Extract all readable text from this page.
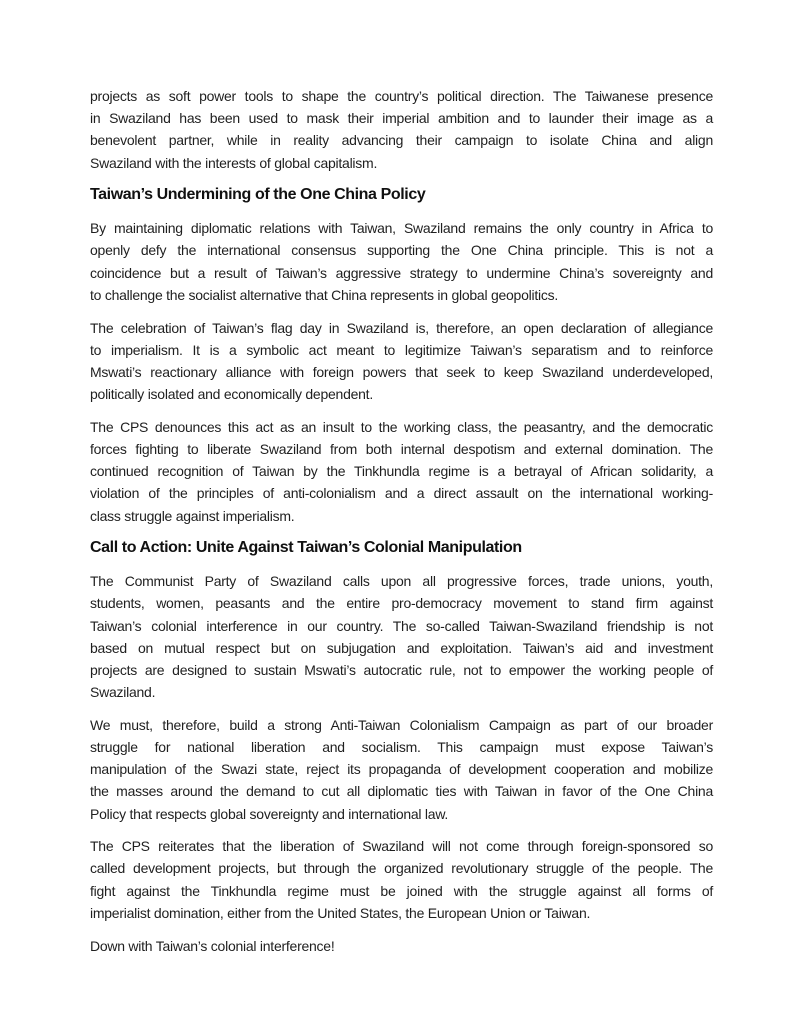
projects as soft power tools to shape the country’s political direction. The Taiwanese presence
in Swaziland has been used to mask their imperial ambition and to launder their image as a
benevolent partner, while in reality advancing their campaign to isolate China and align
Swaziland with the interests of global capitalism.
Taiwan’s Undermining of the One China Policy
By maintaining diplomatic relations with Taiwan, Swaziland remains the only country in Africa to
openly defy the international consensus supporting the One China principle. This is not a
coincidence but a result of Taiwan’s aggressive strategy to undermine China’s sovereignty and
to challenge the socialist alternative that China represents in global geopolitics.
The celebration of Taiwan’s flag day in Swaziland is, therefore, an open declaration of allegiance
to imperialism. It is a symbolic act meant to legitimize Taiwan’s separatism and to reinforce
Mswati’s reactionary alliance with foreign powers that seek to keep Swaziland underdeveloped,
politically isolated and economically dependent.
The CPS denounces this act as an insult to the working class, the peasantry, and the democratic
forces fighting to liberate Swaziland from both internal despotism and external domination. The
continued recognition of Taiwan by the Tinkhundla regime is a betrayal of African solidarity, a
violation of the principles of anti-colonialism and a direct assault on the international working-
class struggle against imperialism.
Call to Action: Unite Against Taiwan’s Colonial Manipulation
The Communist Party of Swaziland calls upon all progressive forces, trade unions, youth,
students, women, peasants and the entire pro-democracy movement to stand firm against
Taiwan’s colonial interference in our country. The so-called Taiwan-Swaziland friendship is not
based on mutual respect but on subjugation and exploitation. Taiwan’s aid and investment
projects are designed to sustain Mswati’s autocratic rule, not to empower the working people of
Swaziland.
We must, therefore, build a strong Anti-Taiwan Colonialism Campaign as part of our broader
struggle for national liberation and socialism. This campaign must expose Taiwan’s
manipulation of the Swazi state, reject its propaganda of development cooperation and mobilize
the masses around the demand to cut all diplomatic ties with Taiwan in favor of the One China
Policy that respects global sovereignty and international law.
The CPS reiterates that the liberation of Swaziland will not come through foreign-sponsored so
called development projects, but through the organized revolutionary struggle of the people. The
fight against the Tinkhundla regime must be joined with the struggle against all forms of
imperialist domination, either from the United States, the European Union or Taiwan.
Down with Taiwan’s colonial interference!
